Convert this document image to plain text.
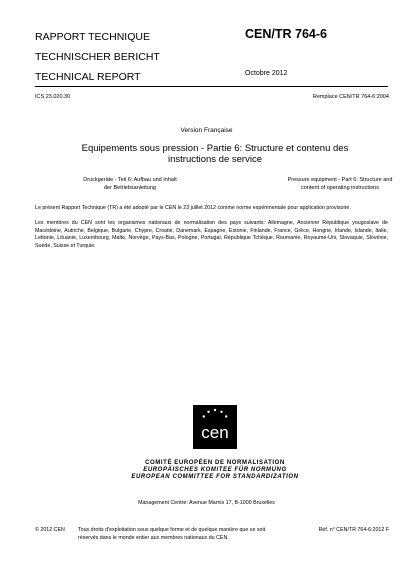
RAPPORT TECHNIQUE
TECHNISCHER BERICHT
TECHNICAL REPORT
CEN/TR 764-6
Octobre 2012
ICS 23.020.30	Remplace CEN/TR 764-6:2004
Version Française
Equipements sous pression - Partie 6: Structure et contenu des instructions de service
Druckgeräte - Teil 6: Aufbau und Inhalt der Betriebsanleitung
Pressure equipment - Part 6: Structure and content of operating instructions
Le présent Rapport Technique (TR) a été adopté par le CEN le 23 juillet 2012 comme norme expérimentale pour application provisoire.
Les membres du CEN sont les organismes nationaux de normalisation des pays suivants: Allemagne, Ancienne République yougoslave de Macédoine, Autriche, Belgique, Bulgarie, Chypre, Croatie, Danemark, Espagne, Estonie, Finlande, France, Grèce, Hongrie, Irlande, Islande, Italie, Lettonie, Lituanie, Luxembourg, Malte, Norvège, Pays-Bas, Pologne, Portugal, République Tchèque, Roumanie, Royaume-Uni, Slovaquie, Slovénie, Suède, Suisse et Turquie.
cen
COMITÉ EUROPÉEN DE NORMALISATION
EUROPÄISCHES KOMITEE FÜR NORMUNG
EUROPEAN COMMITTEE FOR STANDARDIZATION
Management Centre: Avenue Marnix 17, B-1000 Bruxelles
© 2012 CEN Tous droits d'exploitation sous quelque forme et de quelque manière que ce soit réservés dans le monde entier aux membres nationaux du CEN.
Réf. n° CEN/TR 764-6:2012 F
